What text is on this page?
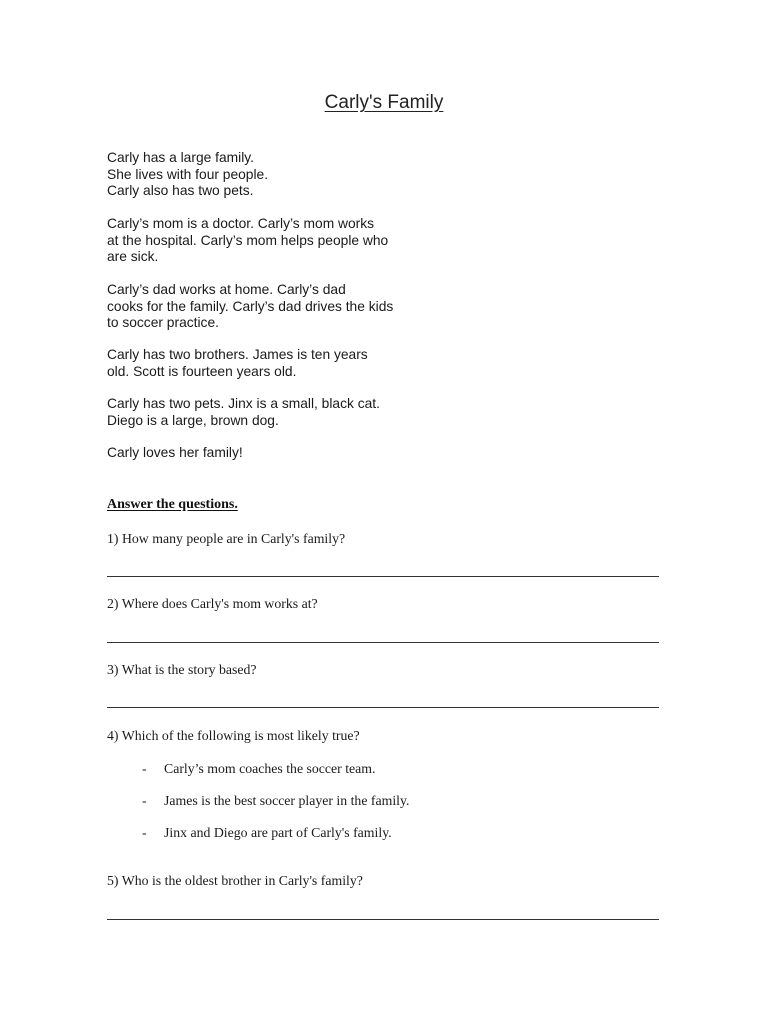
Carly's Family
Carly has a large family.
She lives with four people.
Carly also has two pets.
Carly’s mom is a doctor. Carly’s mom works
at the hospital. Carly’s mom helps people who
are sick.
Carly’s dad works at home. Carly’s dad
cooks for the family. Carly’s dad drives the kids
to soccer practice.
Carly has two brothers. James is ten years
old. Scott is fourteen years old.
Carly has two pets. Jinx is a small, black cat.
Diego is a large, brown dog.
Carly loves her family!
Answer the questions.
1) How many people are in Carly's family?
2) Where does Carly's mom works at?
3) What is the story based?
4) Which of the following is most likely true?
- Carly’s mom coaches the soccer team.
- James is the best soccer player in the family.
- Jinx and Diego are part of Carly's family.
5) Who is the oldest brother in Carly's family?
